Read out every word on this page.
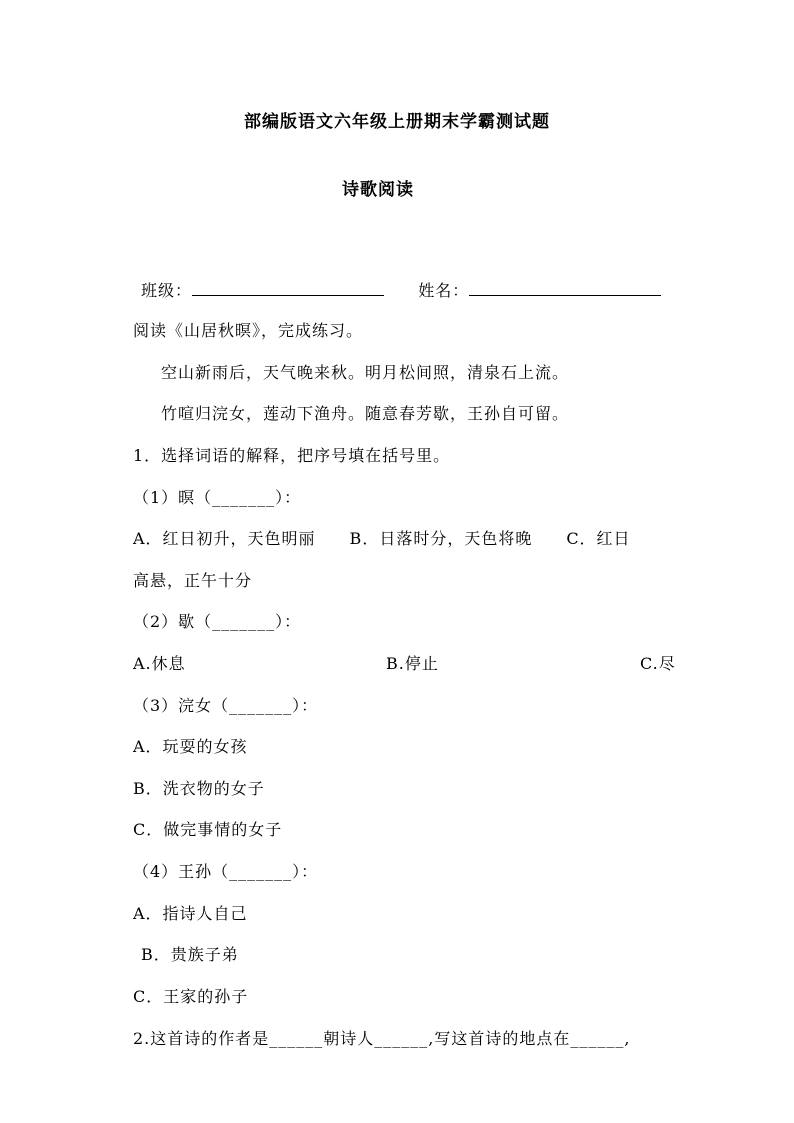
部编版语文六年级上册期末学霸测试题
诗歌阅读
班级：	姓名：
阅读《山居秋暝》，完成练习。
空山新雨后，天气晚来秋。明月松间照，清泉石上流。
竹喧归浣女，莲动下渔舟。随意春芳歇，王孙自可留。
1．选择词语的解释，把序号填在括号里。
（1）暝（_______）：
A．红日初升，天色明丽　　B．日落时分，天色将晚　　C．红日
高悬，正午十分
（2）歇（_______）：
A.休息	B.停止	C.尽
（3）浣女（_______）：
A．玩耍的女孩
B．洗衣物的女子
C．做完事情的女子
（4）王孙（_______）：
A．指诗人自己
B．贵族子弟
C．王家的孙子
2.这首诗的作者是______朝诗人______,写这首诗的地点在______,
